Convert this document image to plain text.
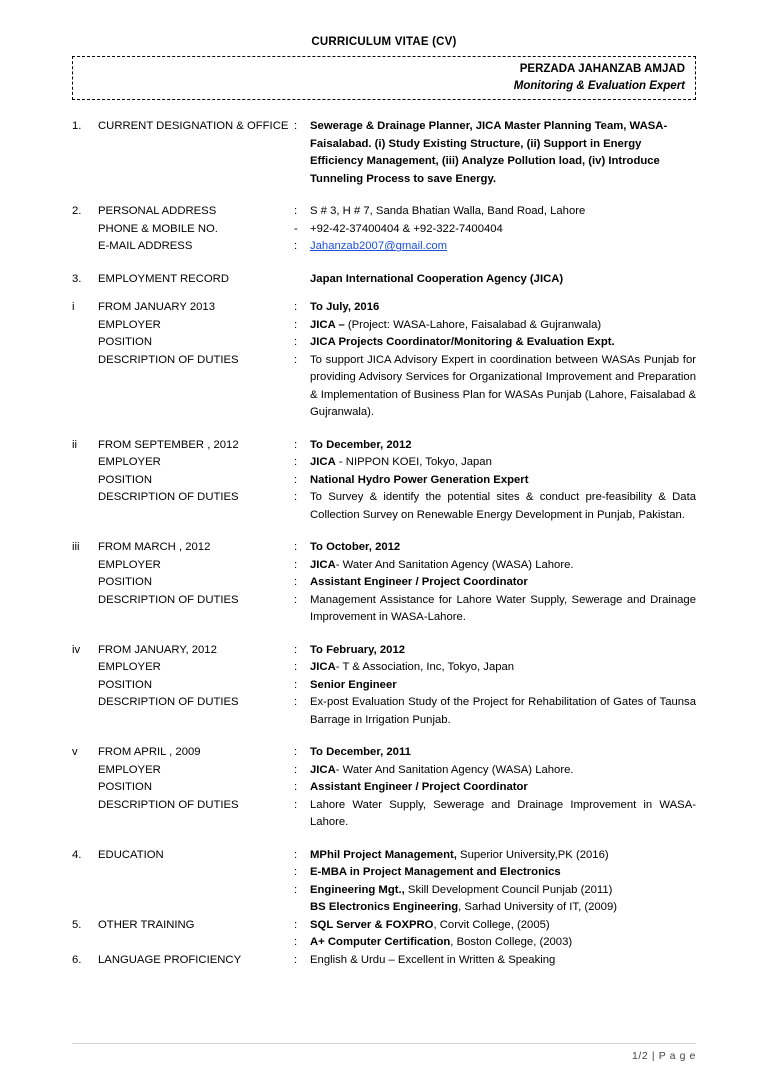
CURRICULUM VITAE (CV)
PERZADA JAHANZAB AMJAD
Monitoring & Evaluation Expert
1.	CURRENT DESIGNATION & OFFICE	:	Sewerage & Drainage Planner, JICA Master Planning Team, WASA-Faisalabad. (i) Study Existing Structure, (ii) Support in Energy Efficiency Management, (iii) Analyze Pollution load, (iv) Introduce Tunneling Process to save Energy.
2.	PERSONAL ADDRESS	:	S # 3, H # 7, Sanda Bhatian Walla, Band Road, Lahore
	PHONE & MOBILE NO.	-	+92-42-37400404 & +92-322-7400404
	E-MAIL ADDRESS	:	Jahanzab2007@gmail.com
3.	EMPLOYMENT RECORD		Japan International Cooperation Agency (JICA)
i	FROM JANUARY 2013	:	To July, 2016
	EMPLOYER	:	JICA – (Project: WASA-Lahore, Faisalabad & Gujranwala)
	POSITION	:	JICA Projects Coordinator/Monitoring & Evaluation Expt.
	DESCRIPTION OF DUTIES	:	To support JICA Advisory Expert in coordination between WASAs Punjab for providing Advisory Services for Organizational Improvement and Preparation & Implementation of Business Plan for WASAs Punjab (Lahore, Faisalabad & Gujranwala).
ii	FROM SEPTEMBER , 2012	:	To December, 2012
	EMPLOYER	:	JICA - NIPPON KOEI, Tokyo, Japan
	POSITION	:	National Hydro Power Generation Expert
	DESCRIPTION OF DUTIES	:	To Survey & identify the potential sites & conduct pre-feasibility & Data Collection Survey on Renewable Energy Development in Punjab, Pakistan.
iii	FROM MARCH , 2012	:	To October, 2012
	EMPLOYER	:	JICA- Water And Sanitation Agency (WASA) Lahore.
	POSITION	:	Assistant Engineer / Project Coordinator
	DESCRIPTION OF DUTIES	:	Management Assistance for Lahore Water Supply, Sewerage and Drainage Improvement in WASA-Lahore.
iv	FROM JANUARY, 2012	:	To February, 2012
	EMPLOYER	:	JICA- T & Association, Inc, Tokyo, Japan
	POSITION	:	Senior Engineer
	DESCRIPTION OF DUTIES	:	Ex-post Evaluation Study of the Project for Rehabilitation of Gates of Taunsa Barrage in Irrigation Punjab.
v	FROM APRIL , 2009	:	To December, 2011
	EMPLOYER	:	JICA- Water And Sanitation Agency (WASA) Lahore.
	POSITION	:	Assistant Engineer / Project Coordinator
	DESCRIPTION OF DUTIES	:	Lahore Water Supply, Sewerage and Drainage Improvement in WASA-Lahore.
4.	EDUCATION	:	MPhil Project Management, Superior University,PK (2016)
		:	E-MBA in Project Management and Electronics
		:	Engineering Mgt., Skill Development Council Punjab (2011)
			BS Electronics Engineering, Sarhad University of IT, (2009)
5.	OTHER TRAINING	:	SQL Server & FOXPRO, Corvit College, (2005)
		:	A+ Computer Certification, Boston College, (2003)
6.	LANGUAGE PROFICIENCY	:	English & Urdu – Excellent in Written & Speaking
1/2 | P a g e
